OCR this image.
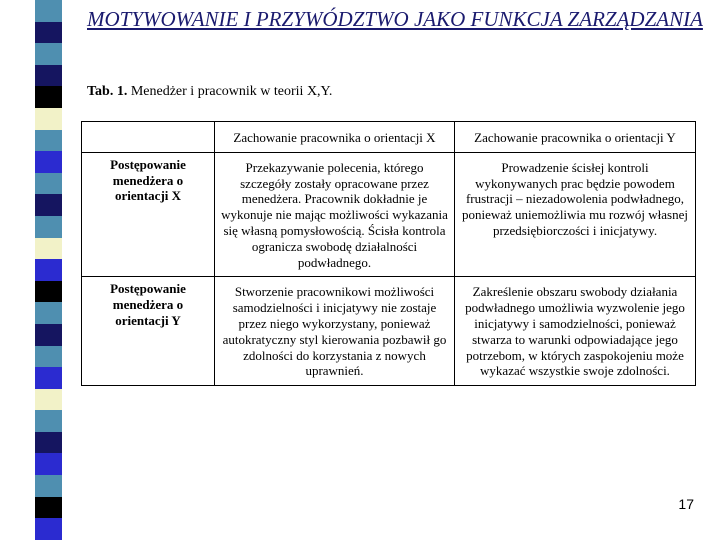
MOTYWOWANIE I PRZYWÓDZTWO JAKO FUNKCJA ZARZĄDZANIA

Tab. 1. Menedżer i pracownik w teorii X,Y.

	Zachowanie pracownika o orientacji X	Zachowanie pracownika o orientacji Y
Postępowanie menedżera o orientacji X	Przekazywanie polecenia, którego szczegóły zostały opracowane przez menedżera. Pracownik dokładnie je wykonuje nie mając możliwości wykazania się własną pomysłowością. Ścisła kontrola ogranicza swobodę działalności podwładnego.	Prowadzenie ścisłej kontroli wykonywanych prac będzie powodem frustracji – niezadowolenia podwładnego, ponieważ uniemożliwia mu rozwój własnej przedsiębiorczości i inicjatywy.
Postępowanie menedżera o orientacji Y	Stworzenie pracownikowi możliwości samodzielności i inicjatywy nie zostaje przez niego wykorzystany, ponieważ autokratyczny styl kierowania pozbawił go zdolności do korzystania z nowych uprawnień.	Zakreślenie obszaru swobody działania podwładnego umożliwia wyzwolenie jego inicjatywy i samodzielności, ponieważ stwarza to warunki odpowiadające jego potrzebom, w których zaspokojeniu może wykazać wszystkie swoje zdolności.
17
